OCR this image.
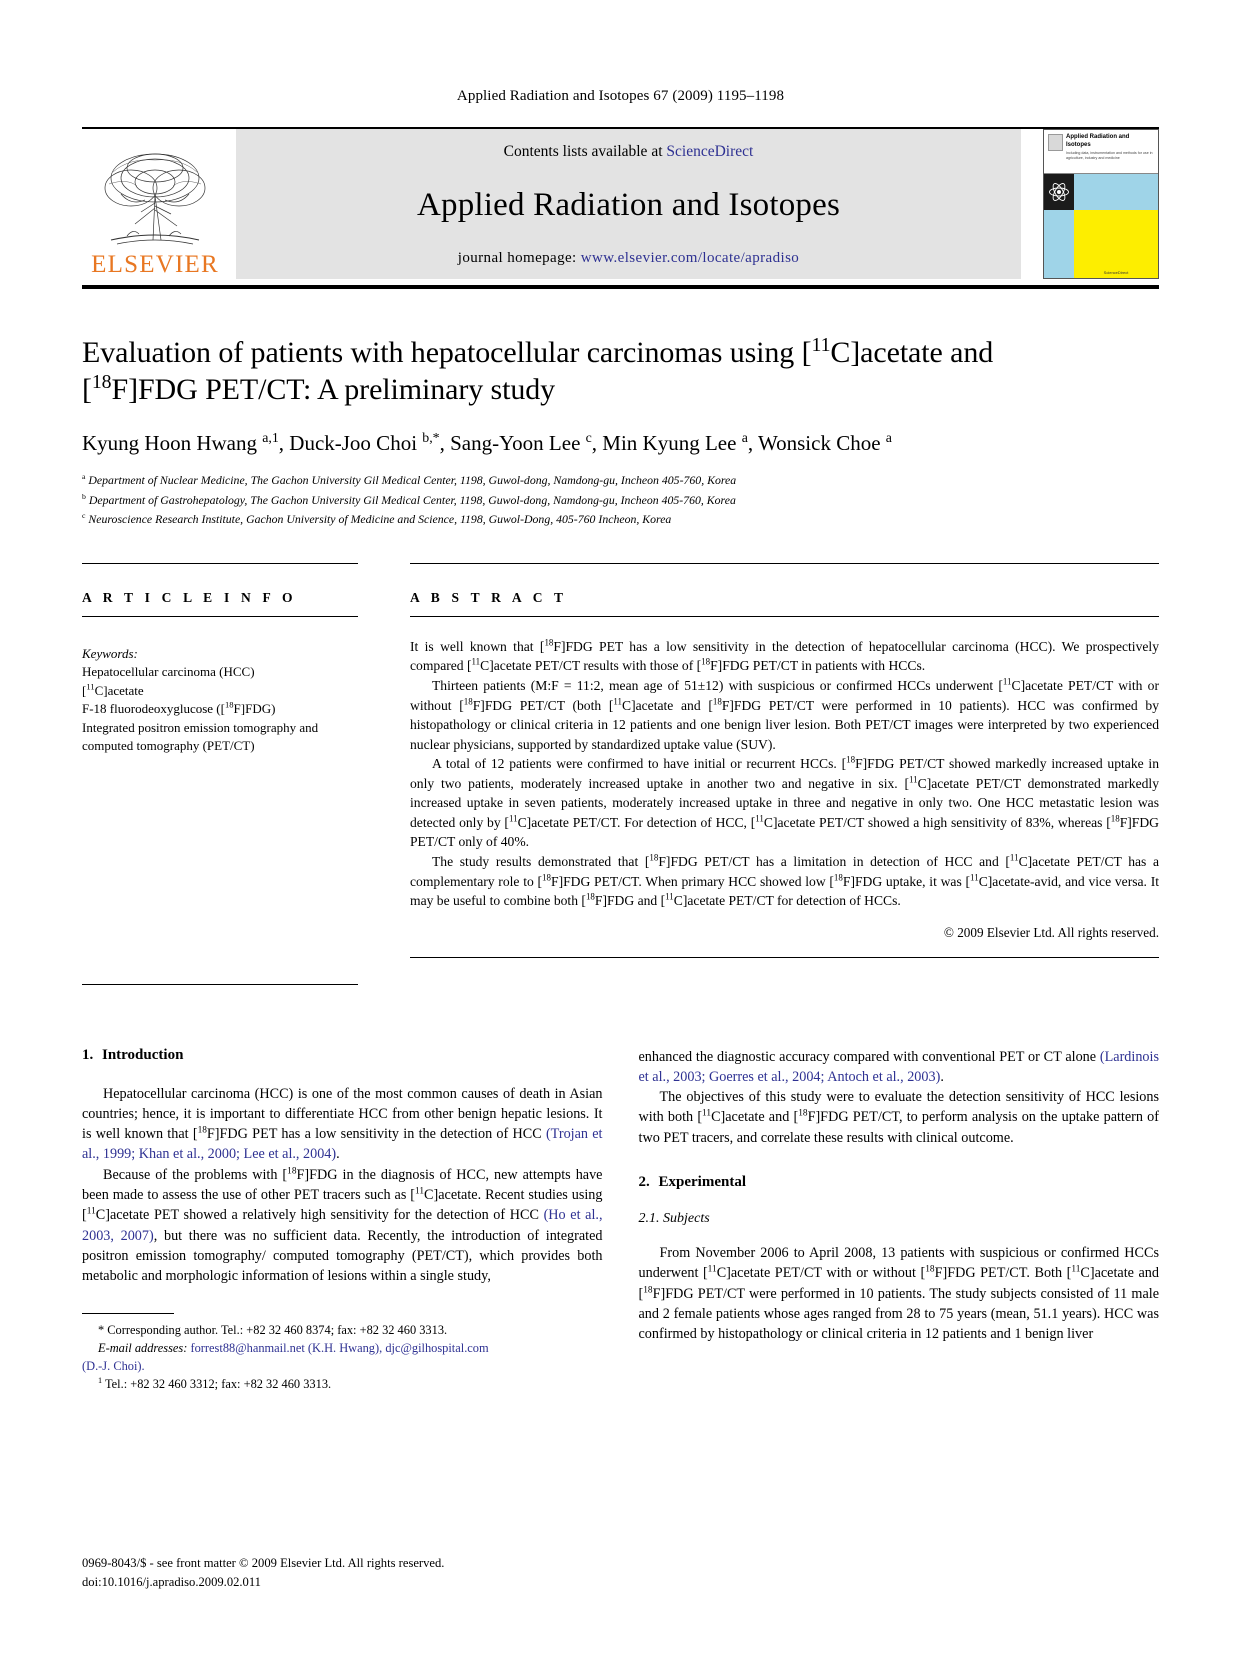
Applied Radiation and Isotopes 67 (2009) 1195–1198
ELSEVIER
Contents lists available at ScienceDirect
Applied Radiation and Isotopes
journal homepage: www.elsevier.com/locate/apradiso
Applied Radiation and Isotopes
Including data, instrumentation and methods for use in agriculture, industry and medicine
ScienceDirect
Evaluation of patients with hepatocellular carcinomas using [$^{11}$C]acetate and
[$^{18}$F]FDG PET/CT: A preliminary study
Kyung Hoon Hwang $^{a,1}$, Duck-Joo Choi $^{b,*}$, Sang-Yoon Lee $^c$, Min Kyung Lee $^a$, Wonsick Choe $^a$
$^a$ Department of Nuclear Medicine, The Gachon University Gil Medical Center, 1198, Guwol-dong, Namdong-gu, Incheon 405-760, Korea
$^b$ Department of Gastrohepatology, The Gachon University Gil Medical Center, 1198, Guwol-dong, Namdong-gu, Incheon 405-760, Korea
$^c$ Neuroscience Research Institute, Gachon University of Medicine and Science, 1198, Guwol-Dong, 405-760 Incheon, Korea
A R T I C L E I N F O
Keywords:
Hepatocellular carcinoma (HCC)
[$^{11}$C]acetate
F-18 fluorodeoxyglucose ([$^{18}$F]FDG)
Integrated positron emission tomography and computed tomography (PET/CT)
A B S T R A C T

It is well known that [$^{18}$F]FDG PET has a low sensitivity in the detection of hepatocellular carcinoma (HCC). We prospectively compared [$^{11}$C]acetate PET/CT results with those of [$^{18}$F]FDG PET/CT in patients with HCCs.

Thirteen patients (M:F = 11:2, mean age of 51±12) with suspicious or confirmed HCCs underwent [$^{11}$C]acetate PET/CT with or without [$^{18}$F]FDG PET/CT (both [$^{11}$C]acetate and [$^{18}$F]FDG PET/CT were performed in 10 patients). HCC was confirmed by histopathology or clinical criteria in 12 patients and one benign liver lesion. Both PET/CT images were interpreted by two experienced nuclear physicians, supported by standardized uptake value (SUV).

A total of 12 patients were confirmed to have initial or recurrent HCCs. [$^{18}$F]FDG PET/CT showed markedly increased uptake in only two patients, moderately increased uptake in another two and negative in six. [$^{11}$C]acetate PET/CT demonstrated markedly increased uptake in seven patients, moderately increased uptake in three and negative in only two. One HCC metastatic lesion was detected only by [$^{11}$C]acetate PET/CT. For detection of HCC, [$^{11}$C]acetate PET/CT showed a high sensitivity of 83%, whereas [$^{18}$F]FDG PET/CT only of 40%.

The study results demonstrated that [$^{18}$F]FDG PET/CT has a limitation in detection of HCC and [$^{11}$C]acetate PET/CT has a complementary role to [$^{18}$F]FDG PET/CT. When primary HCC showed low [$^{18}$F]FDG uptake, it was [$^{11}$C]acetate-avid, and vice versa. It may be useful to combine both [$^{18}$F]FDG and [$^{11}$C]acetate PET/CT for detection of HCCs.

© 2009 Elsevier Ltd. All rights reserved.
1. Introduction

Hepatocellular carcinoma (HCC) is one of the most common causes of death in Asian countries; hence, it is important to differentiate HCC from other benign hepatic lesions. It is well known that [$^{18}$F]FDG PET has a low sensitivity in the detection of HCC (Trojan et al., 1999; Khan et al., 2000; Lee et al., 2004).

Because of the problems with [$^{18}$F]FDG in the diagnosis of HCC, new attempts have been made to assess the use of other PET tracers such as [$^{11}$C]acetate. Recent studies using [$^{11}$C]acetate PET showed a relatively high sensitivity for the detection of HCC (Ho et al., 2003, 2007), but there was no sufficient data. Recently, the introduction of integrated positron emission tomography/ computed tomography (PET/CT), which provides both metabolic and morphologic information of lesions within a single study,

* Corresponding author. Tel.: +82 32 460 8374; fax: +82 32 460 3313.

E-mail addresses: forrest88@hanmail.net (K.H. Hwang), djc@gilhospital.com
(D.-J. Choi).

$^1$ Tel.: +82 32 460 3312; fax: +82 32 460 3313.

enhanced the diagnostic accuracy compared with conventional PET or CT alone (Lardinois et al., 2003; Goerres et al., 2004; Antoch et al., 2003).

The objectives of this study were to evaluate the detection sensitivity of HCC lesions with both [$^{11}$C]acetate and [$^{18}$F]FDG PET/CT, to perform analysis on the uptake pattern of two PET tracers, and correlate these results with clinical outcome.

2. Experimental
2.1. Subjects

From November 2006 to April 2008, 13 patients with suspicious or confirmed HCCs underwent [$^{11}$C]acetate PET/CT with or without [$^{18}$F]FDG PET/CT. Both [$^{11}$C]acetate and [$^{18}$F]FDG PET/CT were performed in 10 patients. The study subjects consisted of 11 male and 2 female patients whose ages ranged from 28 to 75 years (mean, 51.1 years). HCC was confirmed by histopathology or clinical criteria in 12 patients and 1 benign liver

0969-8043/$ - see front matter © 2009 Elsevier Ltd. All rights reserved.
doi:10.1016/j.apradiso.2009.02.011
